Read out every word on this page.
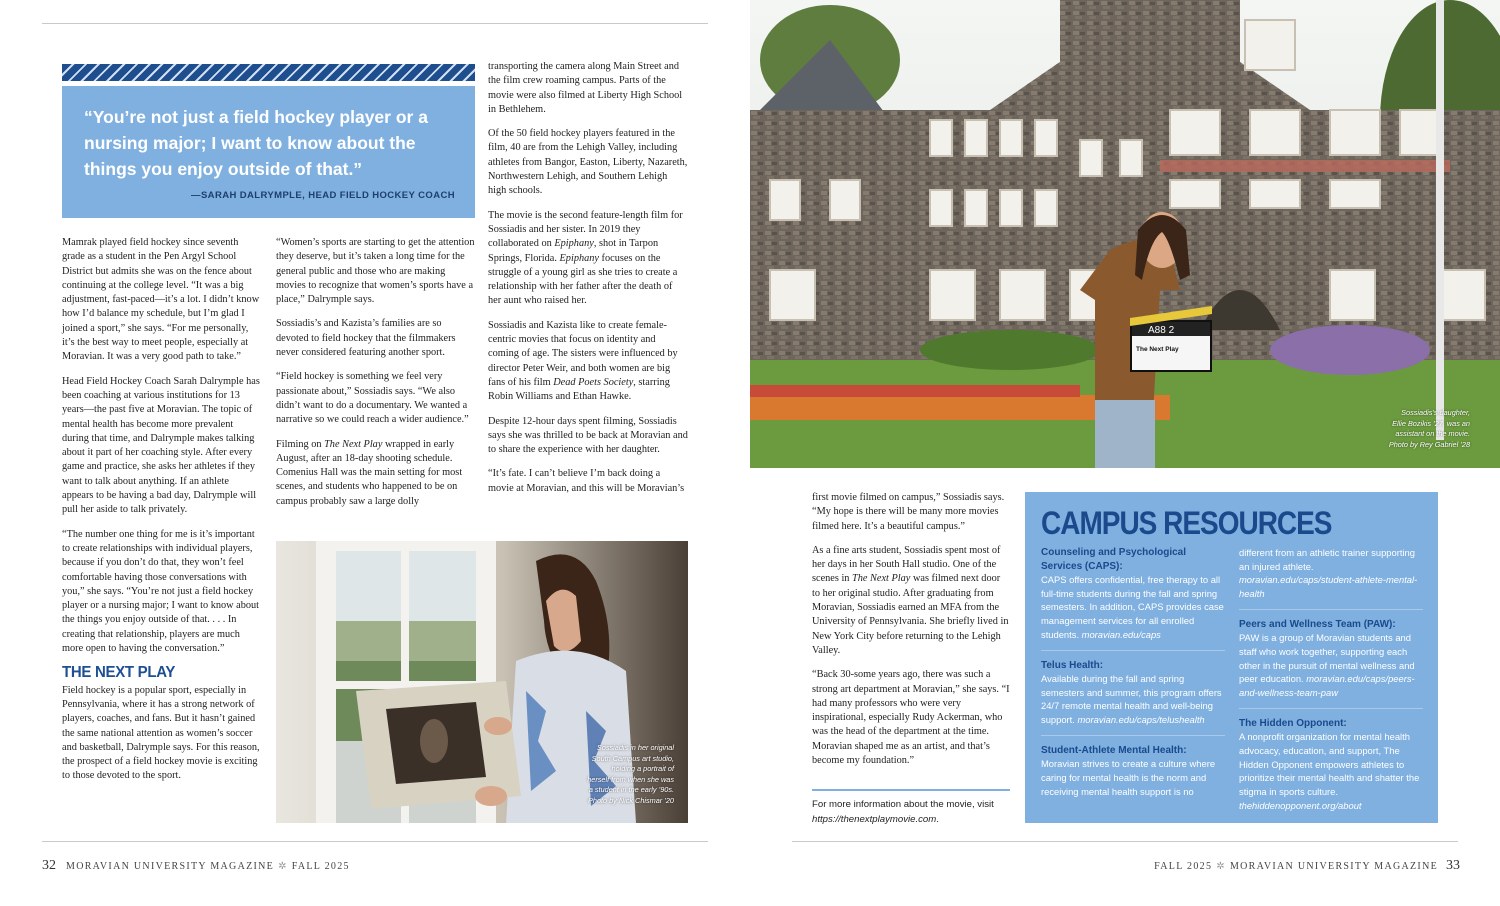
“You’re not just a field hockey player or a nursing major; I want to know about the things you enjoy outside of that.”
—SARAH DALRYMPLE, HEAD FIELD HOCKEY COACH

Mamrak played field hockey since seventh grade as a student in the Pen Argyl School District but admits she was on the fence about continuing at the college level. “It was a big adjustment, fast-paced—it’s a lot. I didn’t know how I’d balance my schedule, but I’m glad I joined a sport,” she says. “For me personally, it’s the best way to meet people, especially at Moravian. It was a very good path to take.”

Head Field Hockey Coach Sarah Dalrymple has been coaching at various institutions for 13 years—the past five at Moravian. The topic of mental health has become more prevalent during that time, and Dalrymple makes talking about it part of her coaching style. After every game and practice, she asks her athletes if they want to talk about anything. If an athlete appears to be having a bad day, Dalrymple will pull her aside to talk privately.

“The number one thing for me is it’s important to create relationships with individual players, because if you don’t do that, they won’t feel comfortable having those conversations with you,” she says. “You’re not just a field hockey player or a nursing major; I want to know about the things you enjoy outside of that. . . . In creating that relationship, players are much more open to having the conversation.”

THE NEXT PLAY

Field hockey is a popular sport, especially in Pennsylvania, where it has a strong network of players, coaches, and fans. But it hasn’t gained the same national attention as women’s soccer and basketball, Dalrymple says. For this reason, the prospect of a field hockey movie is exciting to those devoted to the sport.

“Women’s sports are starting to get the attention they deserve, but it’s taken a long time for the general public and those who are making movies to recognize that women’s sports have a place,” Dalrymple says.

Sossiadis’s and Kazista’s families are so devoted to field hockey that the filmmakers never considered featuring another sport.

“Field hockey is something we feel very passionate about,” Sossiadis says. “We also didn’t want to do a documentary. We wanted a narrative so we could reach a wider audience.”

Filming on The Next Play wrapped in early August, after an 18-day shooting schedule. Comenius Hall was the main setting for most scenes, and students who happened to be on campus probably saw a large dolly

transporting the camera along Main Street and the film crew roaming campus. Parts of the movie were also filmed at Liberty High School in Bethlehem.

Of the 50 field hockey players featured in the film, 40 are from the Lehigh Valley, including athletes from Bangor, Easton, Liberty, Nazareth, Northwestern Lehigh, and Southern Lehigh high schools.

The movie is the second feature-length film for Sossiadis and her sister. In 2019 they collaborated on Epiphany, shot in Tarpon Springs, Florida. Epiphany focuses on the struggle of a young girl as she tries to create a relationship with her father after the death of her aunt who raised her.

Sossiadis and Kazista like to create female-centric movies that focus on identity and coming of age. The sisters were influenced by director Peter Weir, and both women are big fans of his film Dead Poets Society, starring Robin Williams and Ethan Hawke.

Despite 12-hour days spent filming, Sossiadis says she was thrilled to be back at Moravian and to share the experience with her daughter.

“It’s fate. I can’t believe I’m back doing a movie at Moravian, and this will be Moravian’s

Sossiadis in her original
South Campus art studio,
holding a portrait of
herself from when she was
a student in the early ’90s.
Photo by Nick Chismar ’20
32 MORAVIAN UNIVERSITY MAGAZINE ✲ FALL 2025
A88 2
The Next Play
Sossiadis’s daughter,
Ellie Bozikis ’27, was an
assistant on the movie.
Photo by Rey Gabriel ’28

first movie filmed on campus,” Sossiadis says. “My hope is there will be many more movies filmed here. It’s a beautiful campus.”

As a fine arts student, Sossiadis spent most of her days in her South Hall studio. One of the scenes in The Next Play was filmed next door to her original studio. After graduating from Moravian, Sossiadis earned an MFA from the University of Pennsylvania. She briefly lived in New York City before returning to the Lehigh Valley.

“Back 30-some years ago, there was such a strong art department at Moravian,” she says. “I had many professors who were very inspirational, especially Rudy Ackerman, who was the head of the department at the time. Moravian shaped me as an artist, and that’s become my foundation.”

For more information about the movie, visit https://thenextplaymovie.com.
CAMPUS RESOURCES
Counseling and Psychological Services (CAPS):
CAPS offers confidential, free therapy to all full-time students during the fall and spring semesters. In addition, CAPS provides case management services for all enrolled students. moravian.edu/caps
Telus Health:
Available during the fall and spring semesters and summer, this program offers 24/7 remote mental health and well-being support. moravian.edu/caps/telushealth
Student-Athlete Mental Health:
Moravian strives to create a culture where caring for mental health is the norm and receiving mental health support is no
different from an athletic trainer supporting an injured athlete. moravian.edu/caps/student-athlete-mental-health
Peers and Wellness Team (PAW):
PAW is a group of Moravian students and staff who work together, supporting each other in the pursuit of mental wellness and peer education. moravian.edu/caps/peers-and-wellness-team-paw
The Hidden Opponent:
A nonprofit organization for mental health advocacy, education, and support, The Hidden Opponent empowers athletes to prioritize their mental health and shatter the stigma in sports culture. thehiddenopponent.org/about
FALL 2025 ✲ MORAVIAN UNIVERSITY MAGAZINE 33
